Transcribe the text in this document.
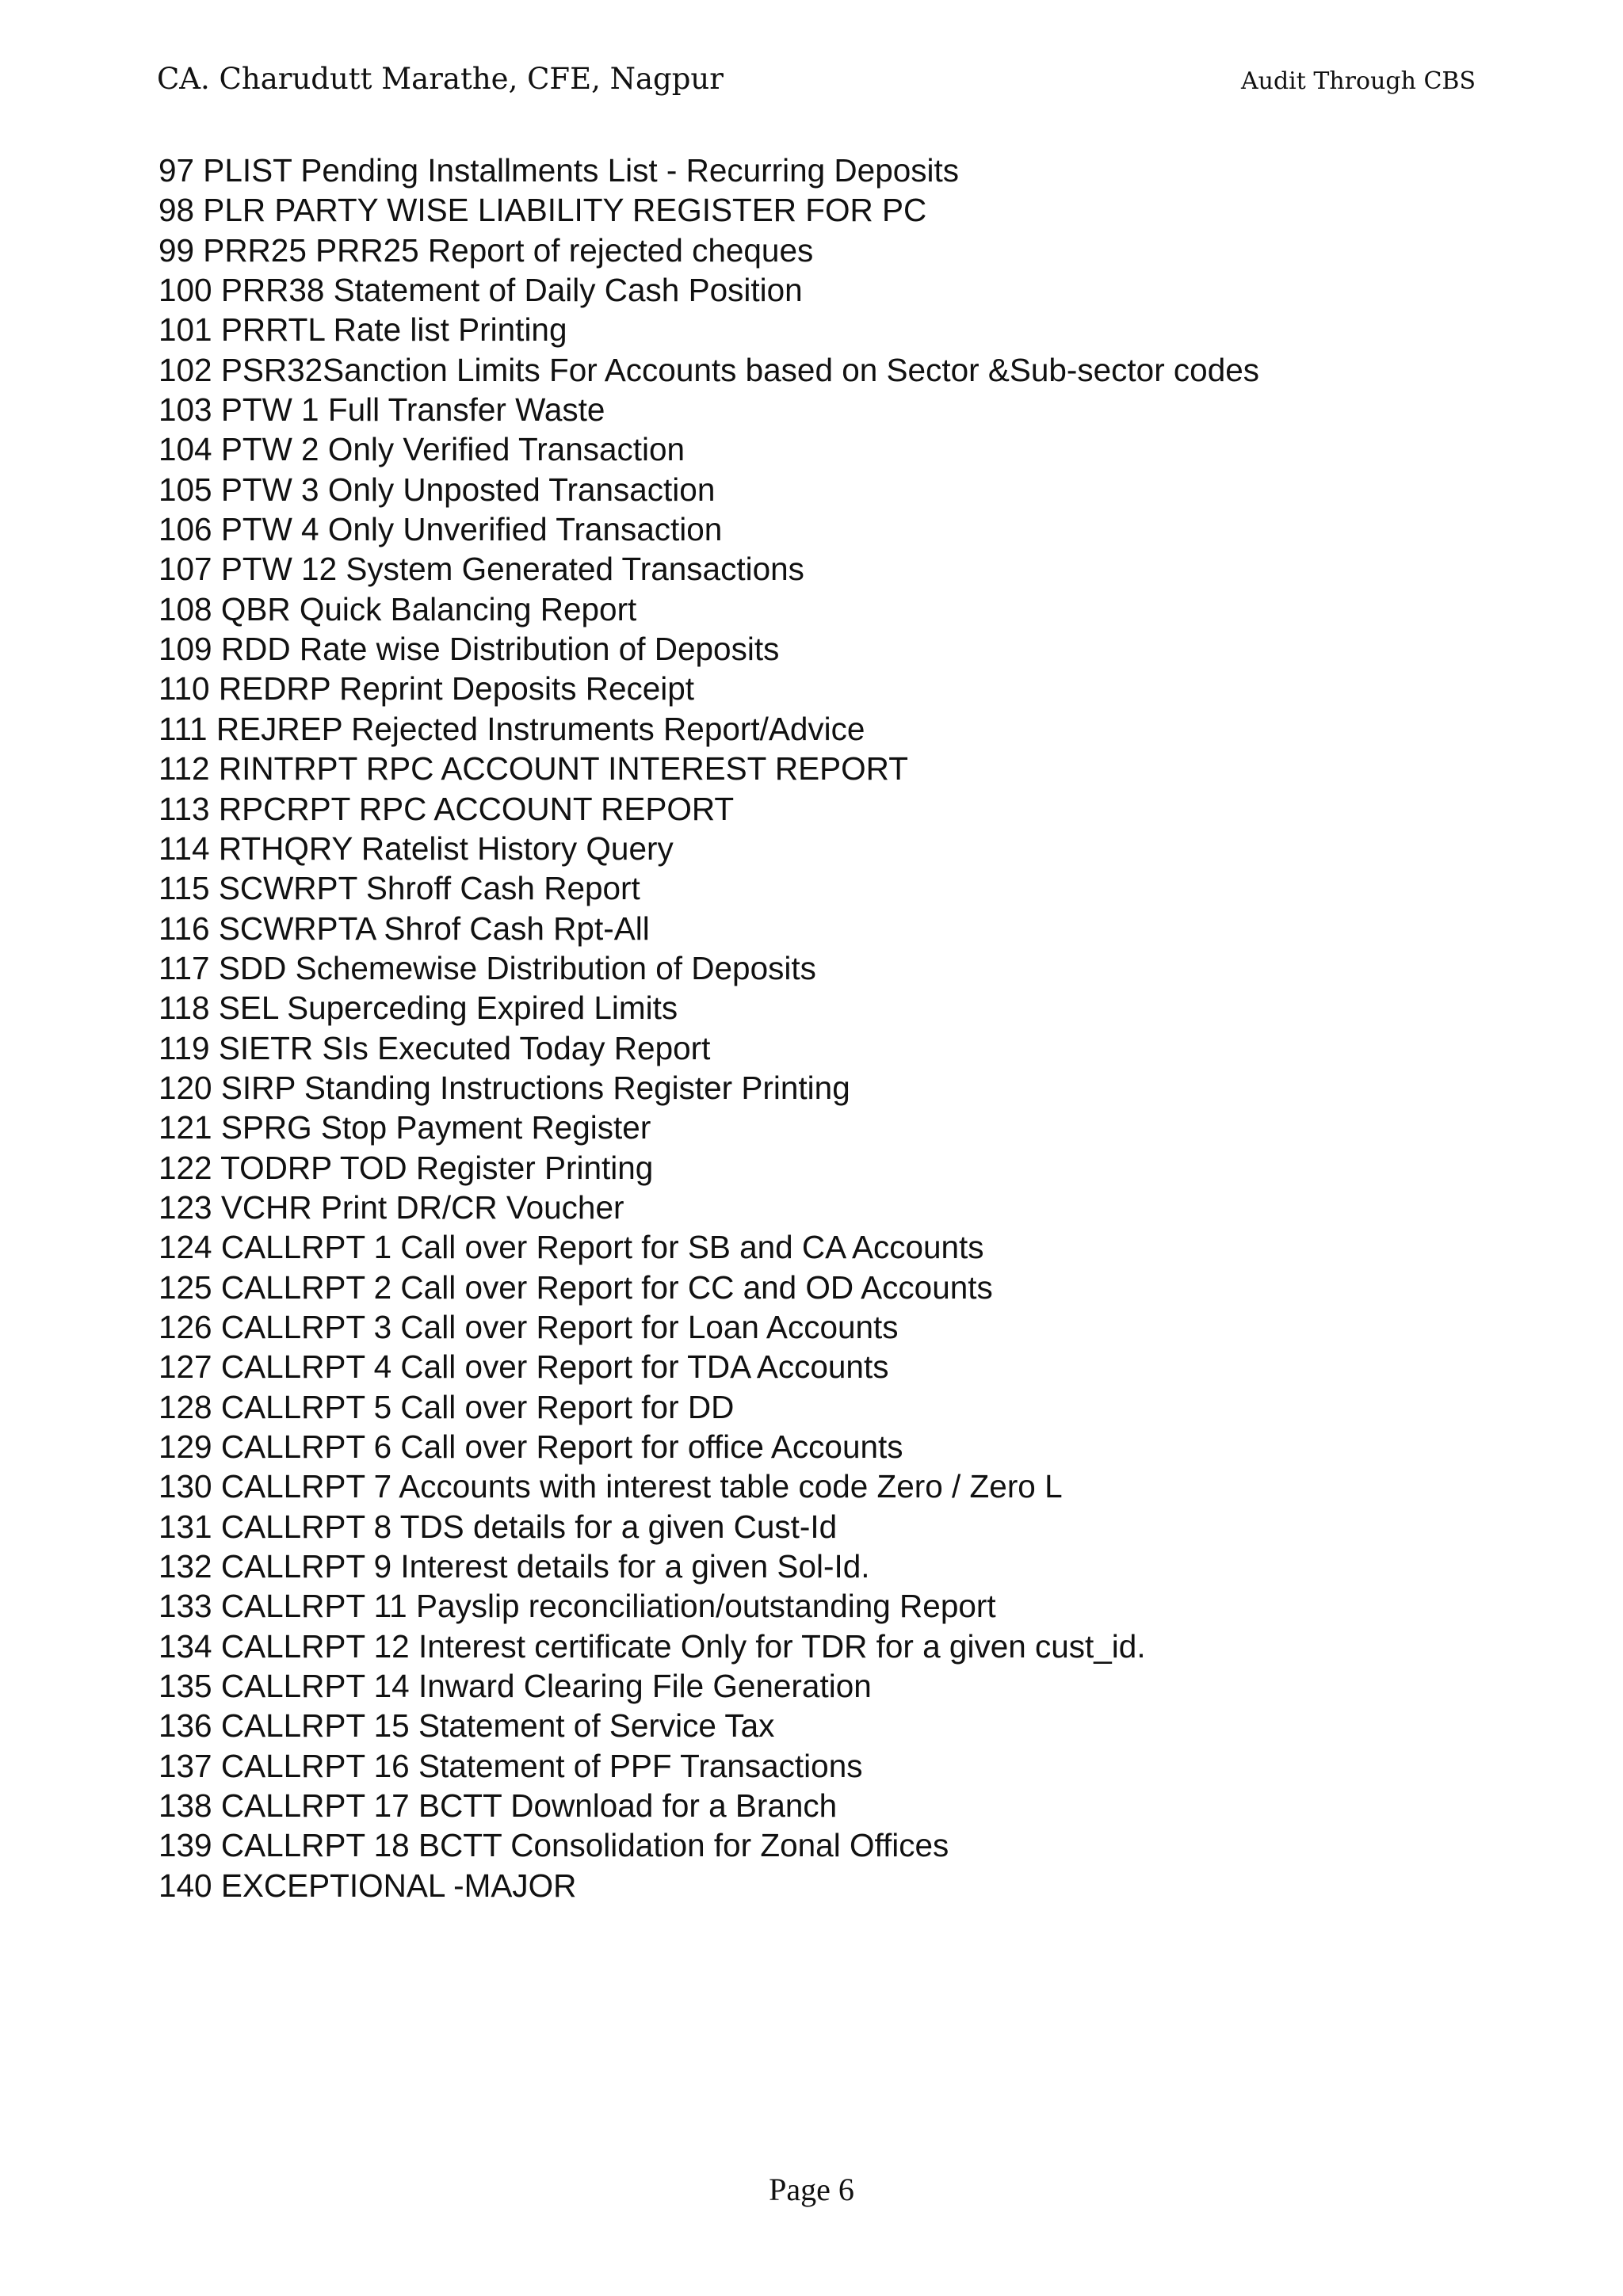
CA. Charudutt Marathe, CFE, Nagpur	Audit Through CBS
97 PLIST Pending Installments List - Recurring Deposits
98 PLR PARTY WISE LIABILITY REGISTER FOR PC
99 PRR25 PRR25 Report of rejected cheques
100 PRR38 Statement of Daily Cash Position
101 PRRTL Rate list Printing
102 PSR32Sanction Limits For Accounts based on Sector &Sub-sector codes
103 PTW 1 Full Transfer Waste
104 PTW 2 Only Verified Transaction
105 PTW 3 Only Unposted Transaction
106 PTW 4 Only Unverified Transaction
107 PTW 12 System Generated Transactions
108 QBR Quick Balancing Report
109 RDD Rate wise Distribution of Deposits
110 REDRP Reprint Deposits Receipt
111 REJREP Rejected Instruments Report/Advice
112 RINTRPT RPC ACCOUNT INTEREST REPORT
113 RPCRPT RPC ACCOUNT REPORT
114 RTHQRY Ratelist History Query
115 SCWRPT Shroff Cash Report
116 SCWRPTA Shrof Cash Rpt-All
117 SDD Schemewise Distribution of Deposits
118 SEL Superceding Expired Limits
119 SIETR SIs Executed Today Report
120 SIRP Standing Instructions Register Printing
121 SPRG Stop Payment Register
122 TODRP TOD Register Printing
123 VCHR Print DR/CR Voucher
124 CALLRPT 1 Call over Report for SB and CA Accounts
125 CALLRPT 2 Call over Report for CC and OD Accounts
126 CALLRPT 3 Call over Report for Loan Accounts
127 CALLRPT 4 Call over Report for TDA Accounts
128 CALLRPT 5 Call over Report for DD
129 CALLRPT 6 Call over Report for office Accounts
130 CALLRPT 7 Accounts with interest table code Zero / Zero L
131 CALLRPT 8 TDS details for a given Cust-Id
132 CALLRPT 9 Interest details for a given Sol-Id.
133 CALLRPT 11 Payslip reconciliation/outstanding Report
134 CALLRPT 12 Interest certificate Only for TDR for a given cust_id.
135 CALLRPT 14 Inward Clearing File Generation
136 CALLRPT 15 Statement of Service Tax
137 CALLRPT 16 Statement of PPF Transactions
138 CALLRPT 17 BCTT Download for a Branch
139 CALLRPT 18 BCTT Consolidation for Zonal Offices
140 EXCEPTIONAL -MAJOR
Page 6
